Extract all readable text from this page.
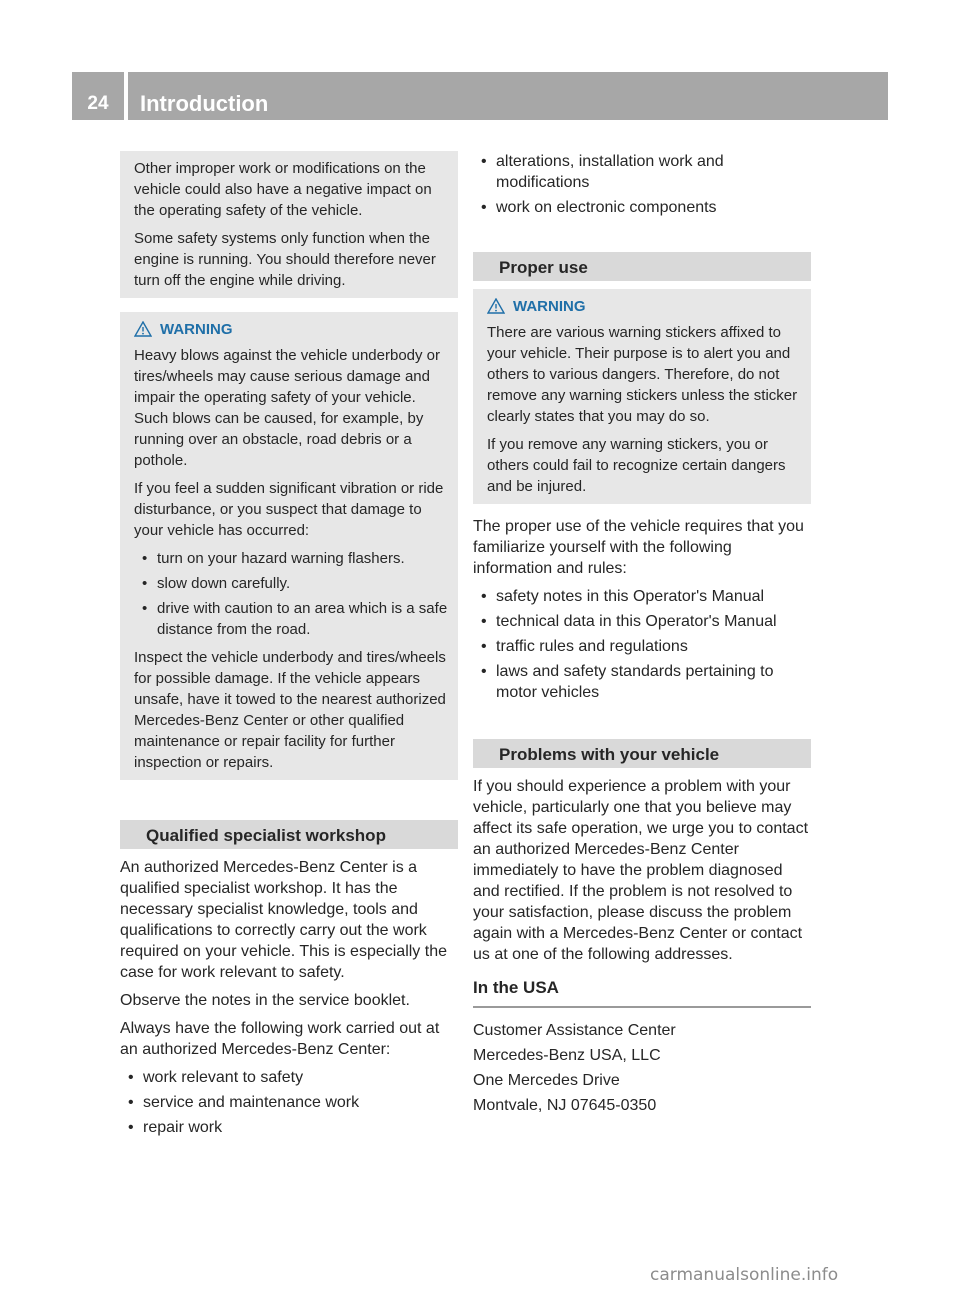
24	Introduction

Other improper work or modifications on the vehicle could also have a negative impact on the operating safety of the vehicle.

Some safety systems only function when the engine is running. You should therefore never turn off the engine while driving.

WARNING

Heavy blows against the vehicle underbody or tires/wheels may cause serious damage and impair the operating safety of your vehicle. Such blows can be caused, for example, by running over an obstacle, road debris or a pothole.

If you feel a sudden significant vibration or ride disturbance, or you suspect that damage to your vehicle has occurred:

• turn on your hazard warning flashers.
• slow down carefully.
• drive with caution to an area which is a safe distance from the road.

Inspect the vehicle underbody and tires/wheels for possible damage. If the vehicle appears unsafe, have it towed to the nearest authorized Mercedes-Benz Center or other qualified maintenance or repair facility for further inspection or repairs.

Qualified specialist workshop

An authorized Mercedes-Benz Center is a qualified specialist workshop. It has the necessary specialist knowledge, tools and qualifications to correctly carry out the work required on your vehicle. This is especially the case for work relevant to safety.

Observe the notes in the service booklet.

Always have the following work carried out at an authorized Mercedes-Benz Center:

• work relevant to safety
• service and maintenance work
• repair work
• alterations, installation work and modifications
• work on electronic components
Proper use
WARNING

There are various warning stickers affixed to your vehicle. Their purpose is to alert you and others to various dangers. Therefore, do not remove any warning stickers unless the sticker clearly states that you may do so.

If you remove any warning stickers, you or others could fail to recognize certain dangers and be injured.

The proper use of the vehicle requires that you familiarize yourself with the following information and rules:

• safety notes in this Operator's Manual
• technical data in this Operator's Manual
• traffic rules and regulations
• laws and safety standards pertaining to motor vehicles
Problems with your vehicle

If you should experience a problem with your vehicle, particularly one that you believe may affect its safe operation, we urge you to contact an authorized Mercedes-Benz Center immediately to have the problem diagnosed and rectified. If the problem is not resolved to your satisfaction, please discuss the problem again with a Mercedes-Benz Center or contact us at one of the following addresses.

In the USA

Customer Assistance Center

Mercedes-Benz USA, LLC

One Mercedes Drive

Montvale, NJ 07645-0350

carmanualsonline.info
